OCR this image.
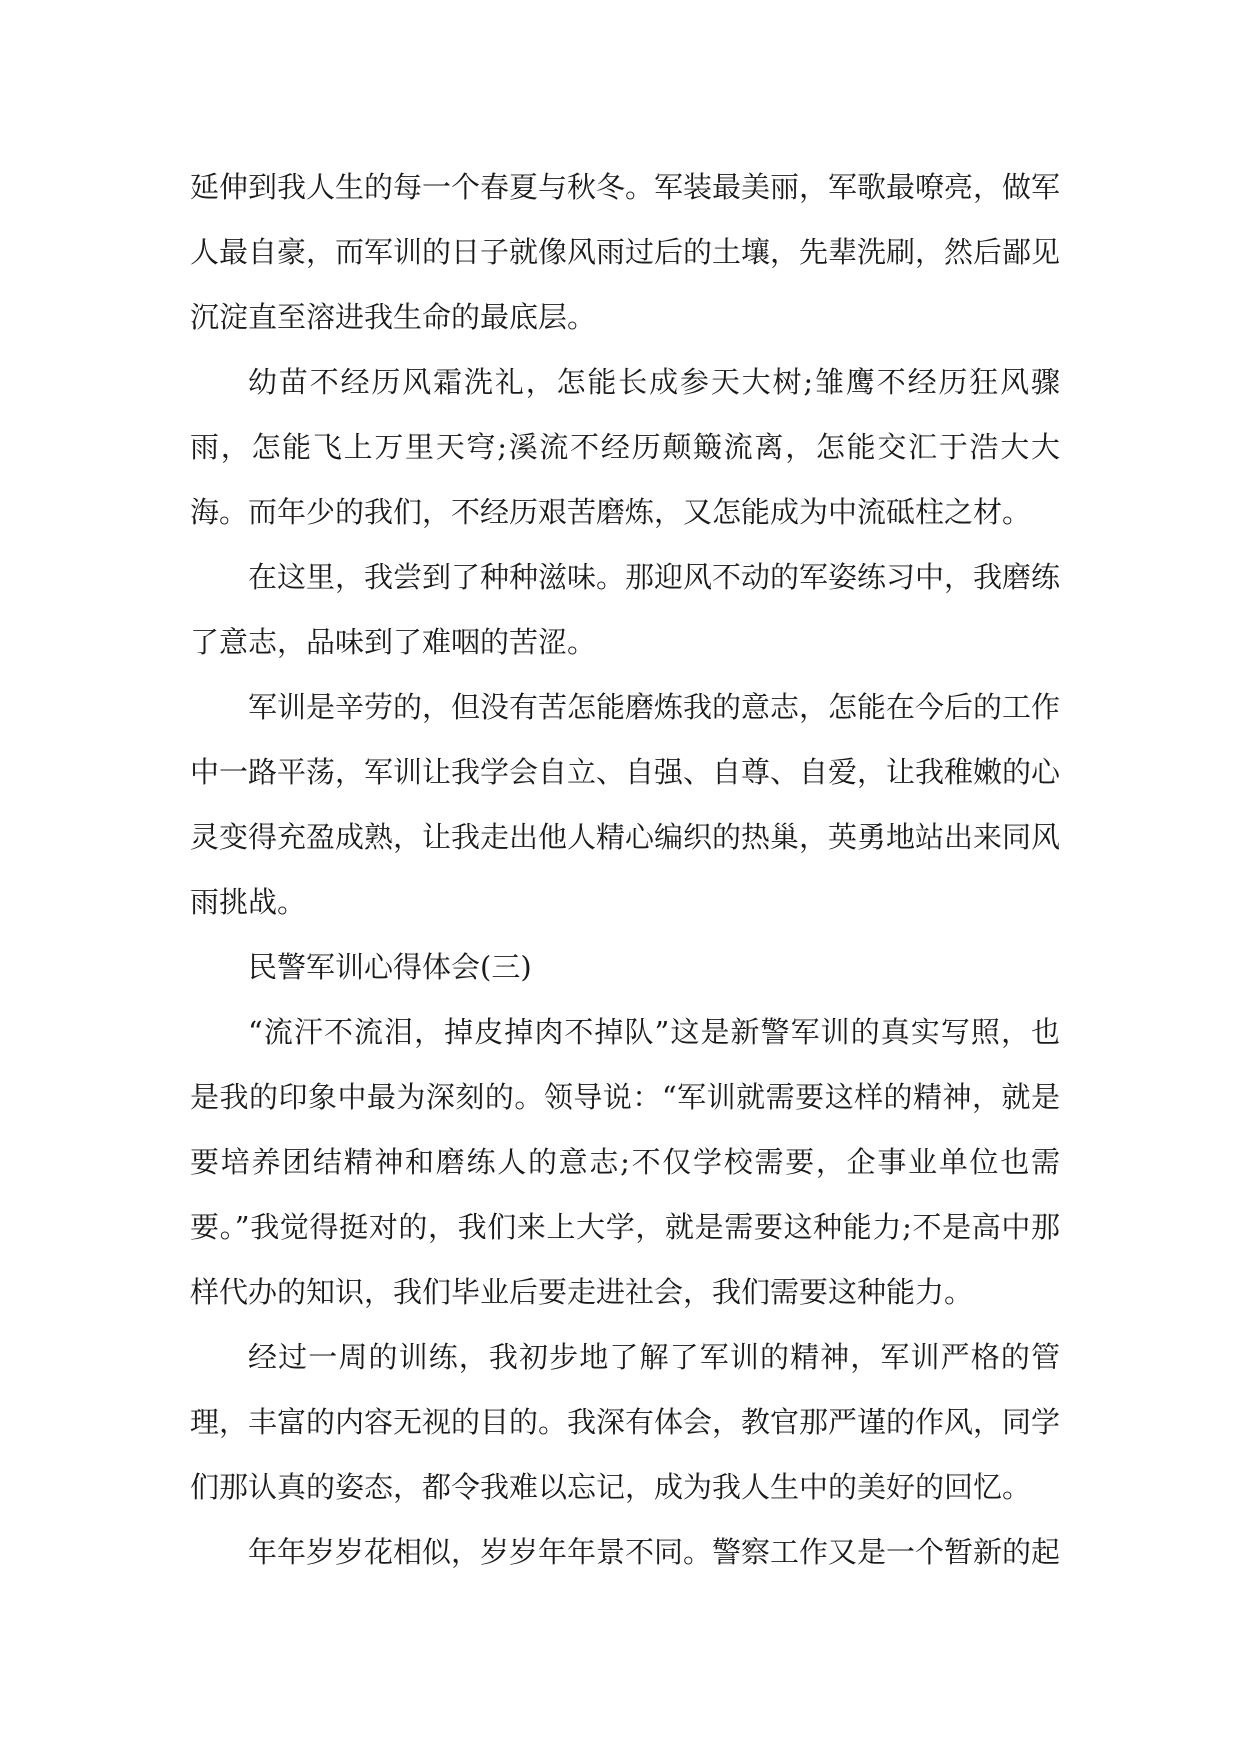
延伸到我人生的每一个春夏与秋冬。军装最美丽，军歌最嘹亮，做军人最自豪，而军训的日子就像风雨过后的土壤，先辈洗刷，然后鄙见沉淀直至溶进我生命的最底层。

幼苗不经历风霜洗礼，怎能长成参天大树;雏鹰不经历狂风骤雨，怎能飞上万里天穹;溪流不经历颠簸流离，怎能交汇于浩大大海。而年少的我们，不经历艰苦磨炼，又怎能成为中流砥柱之材。

在这里，我尝到了种种滋味。那迎风不动的军姿练习中，我磨练了意志，品味到了难咽的苦涩。

军训是辛劳的，但没有苦怎能磨炼我的意志，怎能在今后的工作中一路平荡，军训让我学会自立、自强、自尊、自爱，让我稚嫩的心灵变得充盈成熟，让我走出他人精心编织的热巢，英勇地站出来同风雨挑战。

民警军训心得体会(三)

“流汗不流泪，掉皮掉肉不掉队”这是新警军训的真实写照，也是我的印象中最为深刻的。领导说：“军训就需要这样的精神，就是要培养团结精神和磨练人的意志;不仅学校需要，企事业单位也需要。”我觉得挺对的，我们来上大学，就是需要这种能力;不是高中那样代办的知识，我们毕业后要走进社会，我们需要这种能力。

经过一周的训练，我初步地了解了军训的精神，军训严格的管理，丰富的内容无视的目的。我深有体会，教官那严谨的作风，同学们那认真的姿态，都令我难以忘记，成为我人生中的美好的回忆。

年年岁岁花相似，岁岁年年景不同。警察工作又是一个暂新的起
